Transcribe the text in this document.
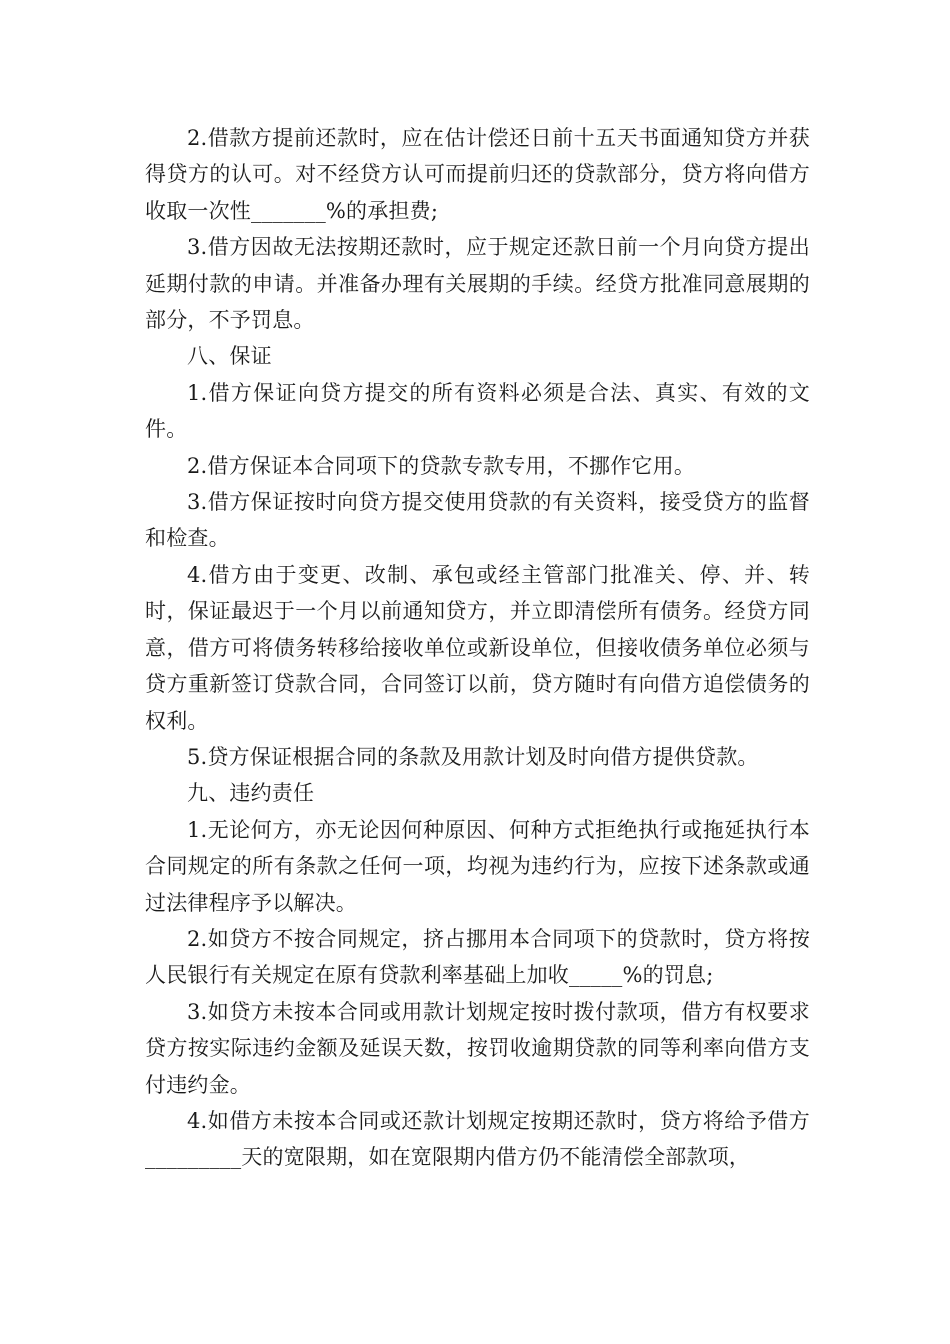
2.借款方提前还款时，应在估计偿还日前十五天书面通知贷方并获得贷方的认可。对不经贷方认可而提前归还的贷款部分，贷方将向借方收取一次性_______%的承担费;

3.借方因故无法按期还款时，应于规定还款日前一个月向贷方提出延期付款的申请。并准备办理有关展期的手续。经贷方批准同意展期的部分，不予罚息。

八、保证

1.借方保证向贷方提交的所有资料必须是合法、真实、有效的文件。

2.借方保证本合同项下的贷款专款专用，不挪作它用。

3.借方保证按时向贷方提交使用贷款的有关资料，接受贷方的监督和检查。

4.借方由于变更、改制、承包或经主管部门批准关、停、并、转时，保证最迟于一个月以前通知贷方，并立即清偿所有债务。经贷方同意，借方可将债务转移给接收单位或新设单位，但接收债务单位必须与贷方重新签订贷款合同，合同签订以前，贷方随时有向借方追偿债务的权利。

5.贷方保证根据合同的条款及用款计划及时向借方提供贷款。

九、违约责任

1.无论何方，亦无论因何种原因、何种方式拒绝执行或拖延执行本合同规定的所有条款之任何一项，均视为违约行为，应按下述条款或通过法律程序予以解决。

2.如贷方不按合同规定，挤占挪用本合同项下的贷款时，贷方将按人民银行有关规定在原有贷款利率基础上加收_____%的罚息;

3.如贷方未按本合同或用款计划规定按时拨付款项，借方有权要求贷方按实际违约金额及延误天数，按罚收逾期贷款的同等利率向借方支付违约金。

4.如借方未按本合同或还款计划规定按期还款时，贷方将给予借方_________天的宽限期，如在宽限期内借方仍不能清偿全部款项，
